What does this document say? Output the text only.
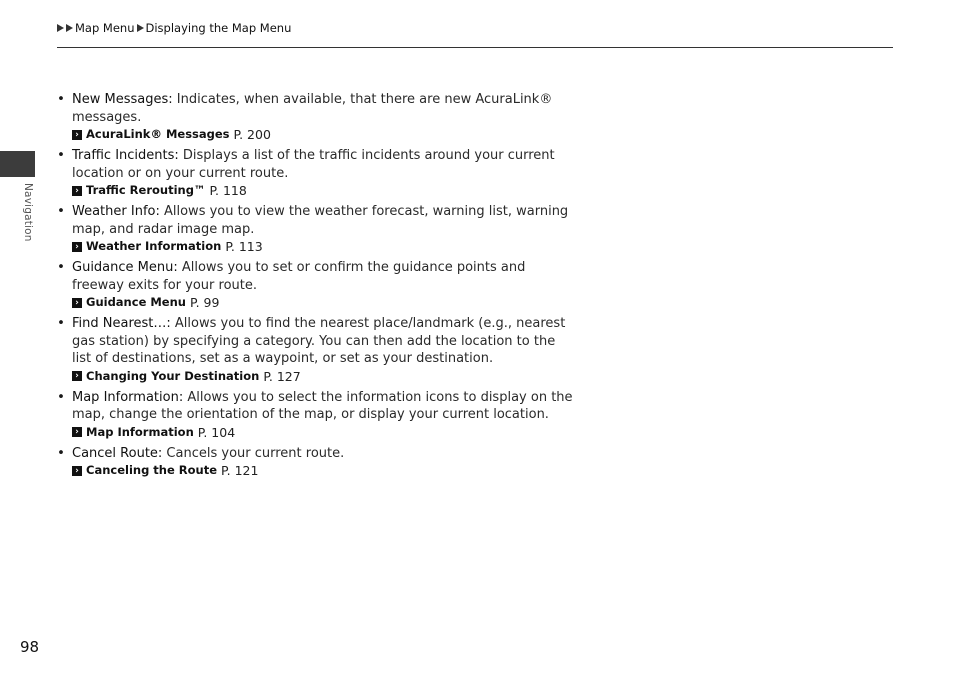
Map Menu Displaying the Map Menu
Navigation
• New Messages: Indicates, when available, that there are new AcuraLink® messages.
› AcuraLink® Messages P. 200
• Traffic Incidents: Displays a list of the traffic incidents around your current location or on your current route.
› Traffic Rerouting™ P. 118
• Weather Info: Allows you to view the weather forecast, warning list, warning map, and radar image map.
› Weather Information P. 113
• Guidance Menu: Allows you to set or confirm the guidance points and freeway exits for your route.
› Guidance Menu P. 99
• Find Nearest…: Allows you to find the nearest place/landmark (e.g., nearest gas station) by specifying a category. You can then add the location to the list of destinations, set as a waypoint, or set as your destination.
› Changing Your Destination P. 127
• Map Information: Allows you to select the information icons to display on the map, change the orientation of the map, or display your current location.
› Map Information P. 104
• Cancel Route: Cancels your current route.
› Canceling the Route P. 121
98
